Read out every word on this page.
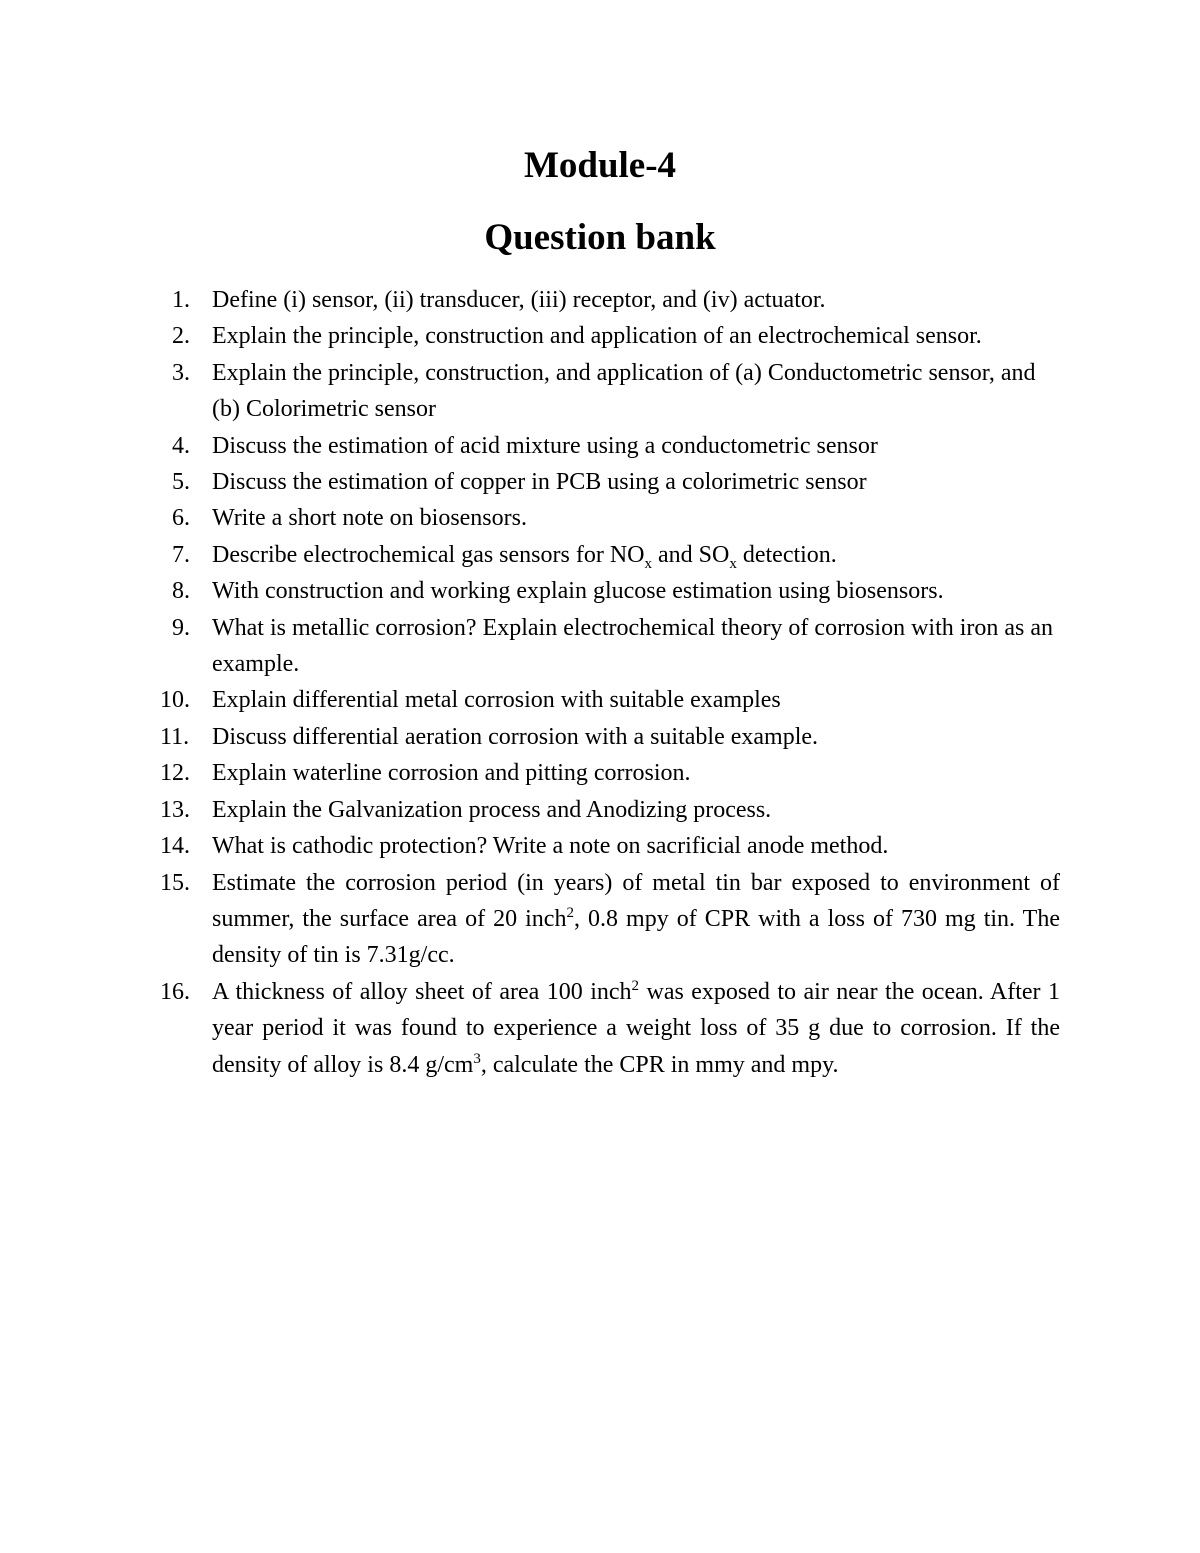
Module-4
Question bank
1. Define (i) sensor, (ii) transducer, (iii) receptor, and (iv) actuator.
2. Explain the principle, construction and application of an electrochemical sensor.
3. Explain the principle, construction, and application of (a) Conductometric sensor, and (b) Colorimetric sensor
4. Discuss the estimation of acid mixture using a conductometric sensor
5. Discuss the estimation of copper in PCB using a colorimetric sensor
6. Write a short note on biosensors.
7. Describe electrochemical gas sensors for $NO_x$ and $SO_x$ detection.
8. With construction and working explain glucose estimation using biosensors.
9. What is metallic corrosion? Explain electrochemical theory of corrosion with iron as an example.
10. Explain differential metal corrosion with suitable examples
11. Discuss differential aeration corrosion with a suitable example.
12. Explain waterline corrosion and pitting corrosion.
13. Explain the Galvanization process and Anodizing process.
14. What is cathodic protection? Write a note on sacrificial anode method.
15. Estimate the corrosion period (in years) of metal tin bar exposed to environment of summer, the surface area of 20 inch$^2$, 0.8 mpy of CPR with a loss of 730 mg tin. The density of tin is 7.31g/cc.
16. A thickness of alloy sheet of area 100 inch$^2$ was exposed to air near the ocean. After 1 year period it was found to experience a weight loss of 35 g due to corrosion. If the density of alloy is 8.4 $g/cm^3$, calculate the CPR in mmy and mpy.
